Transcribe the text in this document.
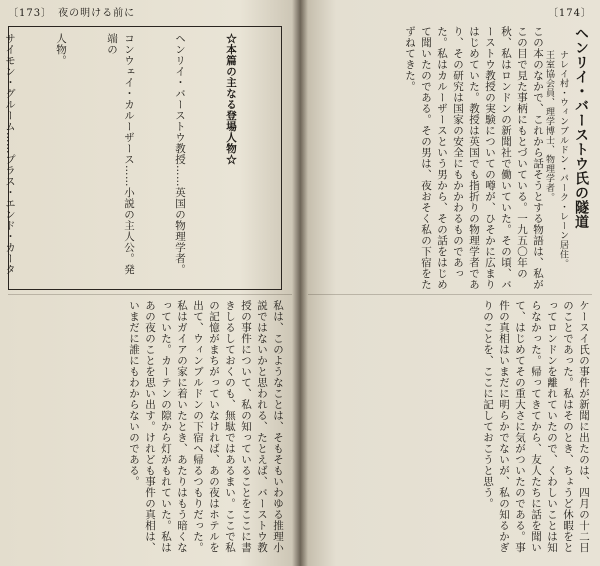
〔173〕　夜の明ける前に

☆本篇の主なる登場人物☆

ヘンリイ・バーストウ教授……英国の物理学者。

コンウェイ・カルーザース……小説の主人公。発端の

人物。

サイモン・グルーム……プラス・エンド・カータ

私は、このようなことは、そもそもいわゆる推理小説ではないかと思われる、たとえば、バーストウ教授の事件について、私の知っていることをここに書きしるしておくのも、無駄ではあるまい。ここで私の記憶がまちがっていなければ、あの夜はホテルを出て、ウィンブルドンの下宿へ帰るつもりだった。私はガイアの家に着いたとき、あたりはもう暗くなっていた。カーテンの隙から灯がもれていた。私はあの夜のことを思い出す。けれども事件の真相は、いまだに誰にもわからないのである。
〔174〕
ヘンリイ・バーストウ氏の隧道
ナレイ村・ウィンブルドン・パーク・レーン居住。　王室協会員、理学博士、物理学者。
この本のなかで、これから話そうとする物語は、私がこの目で見た事柄にもとづいている。一九五〇年の秋、私はロンドンの新聞社で働いていた。その頃、バーストウ教授の実験についての噂が、ひそかに広まりはじめていた。教授は英国でも指折りの物理学者であり、その研究は国家の安全にもかかわるものであった。私はカルーザースという男から、その話をはじめて聞いたのである。その男は、夜おそく私の下宿をたずねてきた。
ケースイ氏の事件が新聞に出たのは、四月の十二日のことであった。私はそのとき、ちょうど休暇をとってロンドンを離れていたので、くわしいことは知らなかった。帰ってきてから、友人たちに話を聞いて、はじめてその重大さに気がついたのである。事件の真相はいまだに明らかでないが、私の知るかぎりのことを、ここに記しておこうと思う。
